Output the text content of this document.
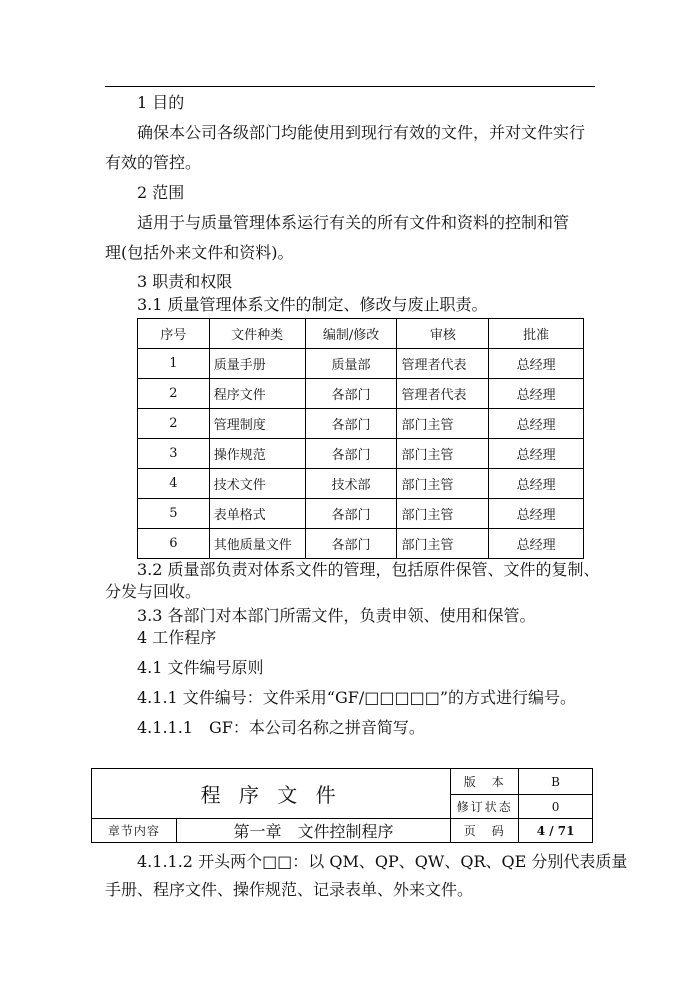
1 目的
确保本公司各级部门均能使用到现行有效的文件，并对文件实行
有效的管控。
2 范围
适用于与质量管理体系运行有关的所有文件和资料的控制和管
理(包括外来文件和资料)。
3 职责和权限
3.1 质量管理体系文件的制定、修改与废止职责。
序号	文件种类	编制/修改	审核	批准
1	质量手册	质量部	管理者代表	总经理
2	程序文件	各部门	管理者代表	总经理
2	管理制度	各部门	部门主管	总经理
3	操作规范	各部门	部门主管	总经理
4	技术文件	技术部	部门主管	总经理
5	表单格式	各部门	部门主管	总经理
6	其他质量文件	各部门	部门主管	总经理
3.2 质量部负责对体系文件的管理，包括原件保管、文件的复制、
分发与回收。
3.3 各部门对本部门所需文件，负责申领、使用和保管。
4 工作程序
4.1 文件编号原则
4.1.1 文件编号：文件采用“GF/□□□□□”的方式进行编号。
4.1.1.1　GF：本公司名称之拼音简写。
程 序 文 件		版　本	B
		修订状态	0
章节内容	第一章　文件控制程序	页　码	4 / 71
4.1.1.2 开头两个□□：以 QM、QP、QW、QR、QE 分别代表质量
手册、程序文件、操作规范、记录表单、外来文件。
